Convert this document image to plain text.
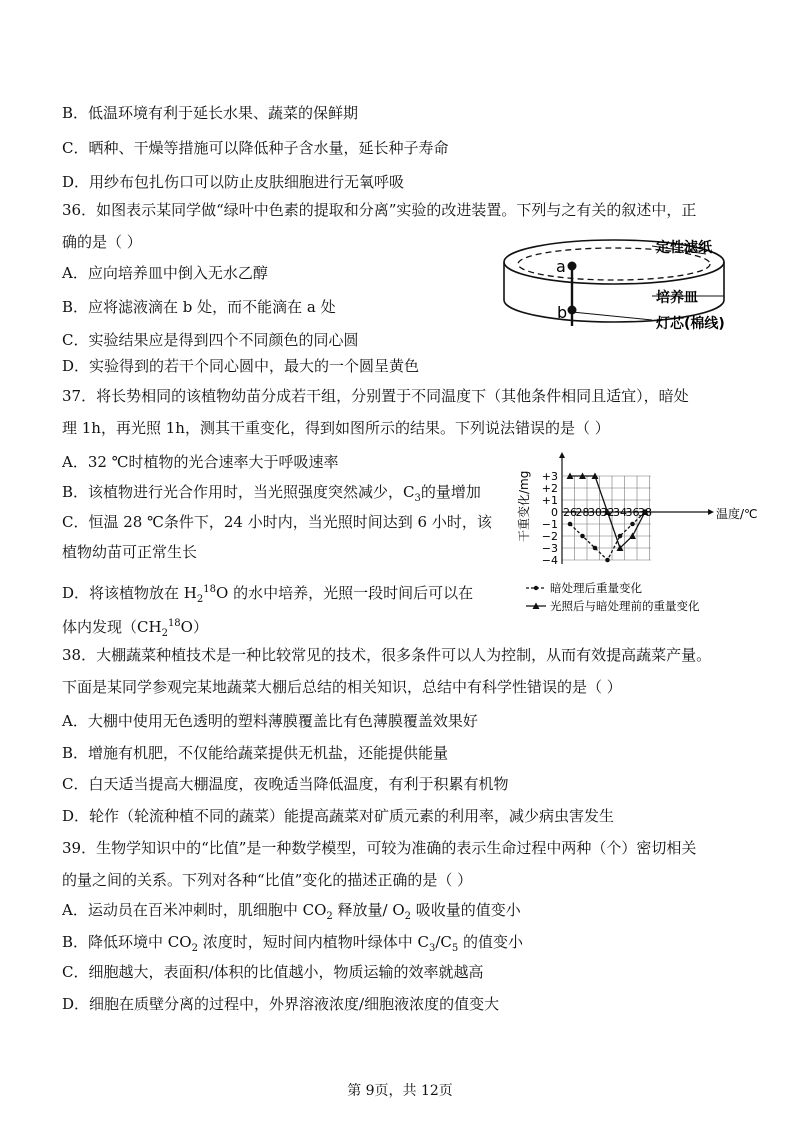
B．低温环境有利于延长水果、蔬菜的保鲜期
C．晒种、干燥等措施可以降低种子含水量，延长种子寿命
D．用纱布包扎伤口可以防止皮肤细胞进行无氧呼吸
36．如图表示某同学做“绿叶中色素的提取和分离”实验的改进装置。下列与之有关的叙述中，正
确的是（ ）
A．应向培养皿中倒入无水乙醇
B．应将滤液滴在 b 处，而不能滴在 a 处
C．实验结果应是得到四个不同颜色的同心圆
D．实验得到的若干个同心圆中，最大的一个圆呈黄色
a
b
定性滤纸
培养皿
灯芯(棉线)
37．将长势相同的该植物幼苗分成若干组，分别置于不同温度下（其他条件相同且适宜），暗处
理 1h，再光照 1h，测其干重变化，得到如图所示的结果。下列说法错误的是（ ）
A．32 ℃时植物的光合速率大于呼吸速率
B．该植物进行光合作用时，当光照强度突然减少，$C_3$的量增加
C．恒温 28 ℃条件下，24 小时内，当光照时间达到 6 小时，该
植物幼苗可正常生长
D．将该植物放在 $H_2^{18}O$ 的水中培养，光照一段时间后可以在
体内发现$(CH_2^{18}O)$
+3
+2
+1
0
−1
−2
−3
−4
26
28
30
32
34
36
38	温度/℃
干重变化/mg
暗处理后重量变化
光照后与暗处理前的重量变化
38．大棚蔬菜种植技术是一种比较常见的技术，很多条件可以人为控制，从而有效提高蔬菜产量。
下面是某同学参观完某地蔬菜大棚后总结的相关知识，总结中有科学性错误的是（ ）
A．大棚中使用无色透明的塑料薄膜覆盖比有色薄膜覆盖效果好
B．增施有机肥，不仅能给蔬菜提供无机盐，还能提供能量
C．白天适当提高大棚温度，夜晚适当降低温度，有利于积累有机物
D．轮作（轮流种植不同的蔬菜）能提高蔬菜对矿质元素的利用率，减少病虫害发生
39．生物学知识中的“比值”是一种数学模型，可较为准确的表示生命过程中两种（个）密切相关
的量之间的关系。下列对各种“比值”变化的描述正确的是（ ）
A．运动员在百米冲刺时，肌细胞中 $CO_2$ 释放量/ $O_2$ 吸收量的值变小
B．降低环境中 $CO_2$ 浓度时，短时间内植物叶绿体中 $C_3/C_5$ 的值变小
C．细胞越大，表面积/体积的比值越小，物质运输的效率就越高
D．细胞在质壁分离的过程中，外界溶液浓度/细胞液浓度的值变大
第 9页，共 12页
